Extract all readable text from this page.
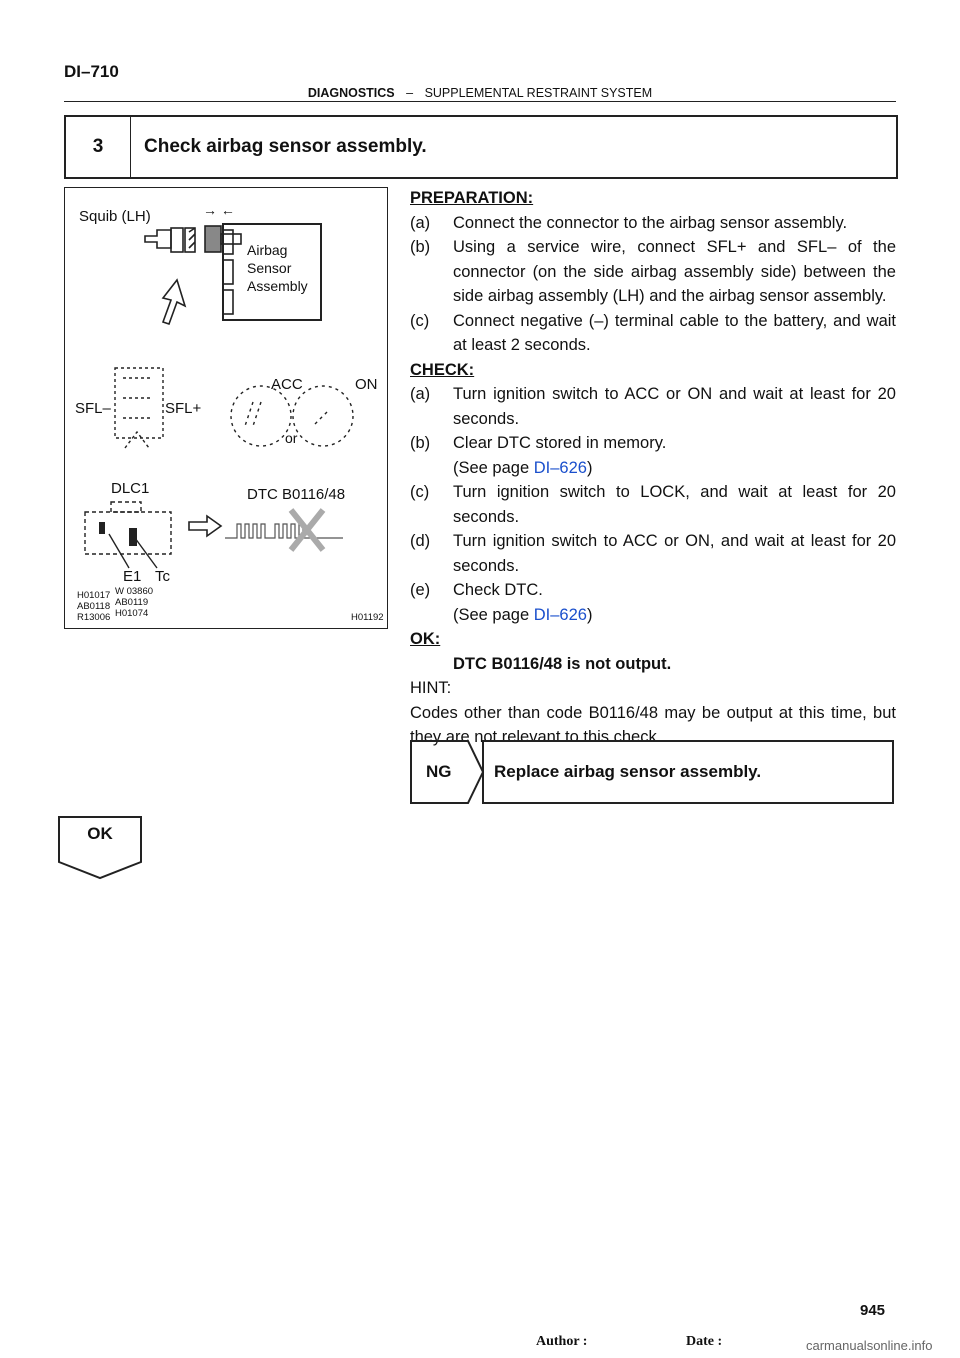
DI–710
DIAGNOSTICS – SUPPLEMENTAL RESTRAINT SYSTEM
3	Check airbag sensor assembly.
Squib (LH)	→ ←
Airbag
Sensor
Assembly
SFL–	SFL+
ACC	ON
or
DLC1	DTC B0116/48
E1 Tc
H01017
AB0118
R13006
W 03860
AB0119
H01074	H01192
PREPARATION:
(a)	Connect the connector to the airbag sensor assembly.
(b)	Using a service wire, connect SFL+ and SFL– of the connector (on the side airbag assembly side) between the side airbag assembly (LH) and the airbag sensor assembly.
(c)	Connect negative (–) terminal cable to the battery, and wait at least 2 seconds.
CHECK:
(a)	Turn ignition switch to ACC or ON and wait at least for 20 seconds.
(b)	Clear DTC stored in memory.
(See page DI–626)
(c)	Turn ignition switch to LOCK, and wait at least for 20 seconds.
(d)	Turn ignition switch to ACC or ON, and wait at least for 20 seconds.
(e)	Check DTC.
(See page DI–626)
OK:
DTC B0116/48 is not output.
HINT:
Codes other than code B0116/48 may be output at this time, but they are not relevant to this check.
NG	Replace airbag sensor assembly.
OK
945
Author :	Date :	carmanualsonline.info
